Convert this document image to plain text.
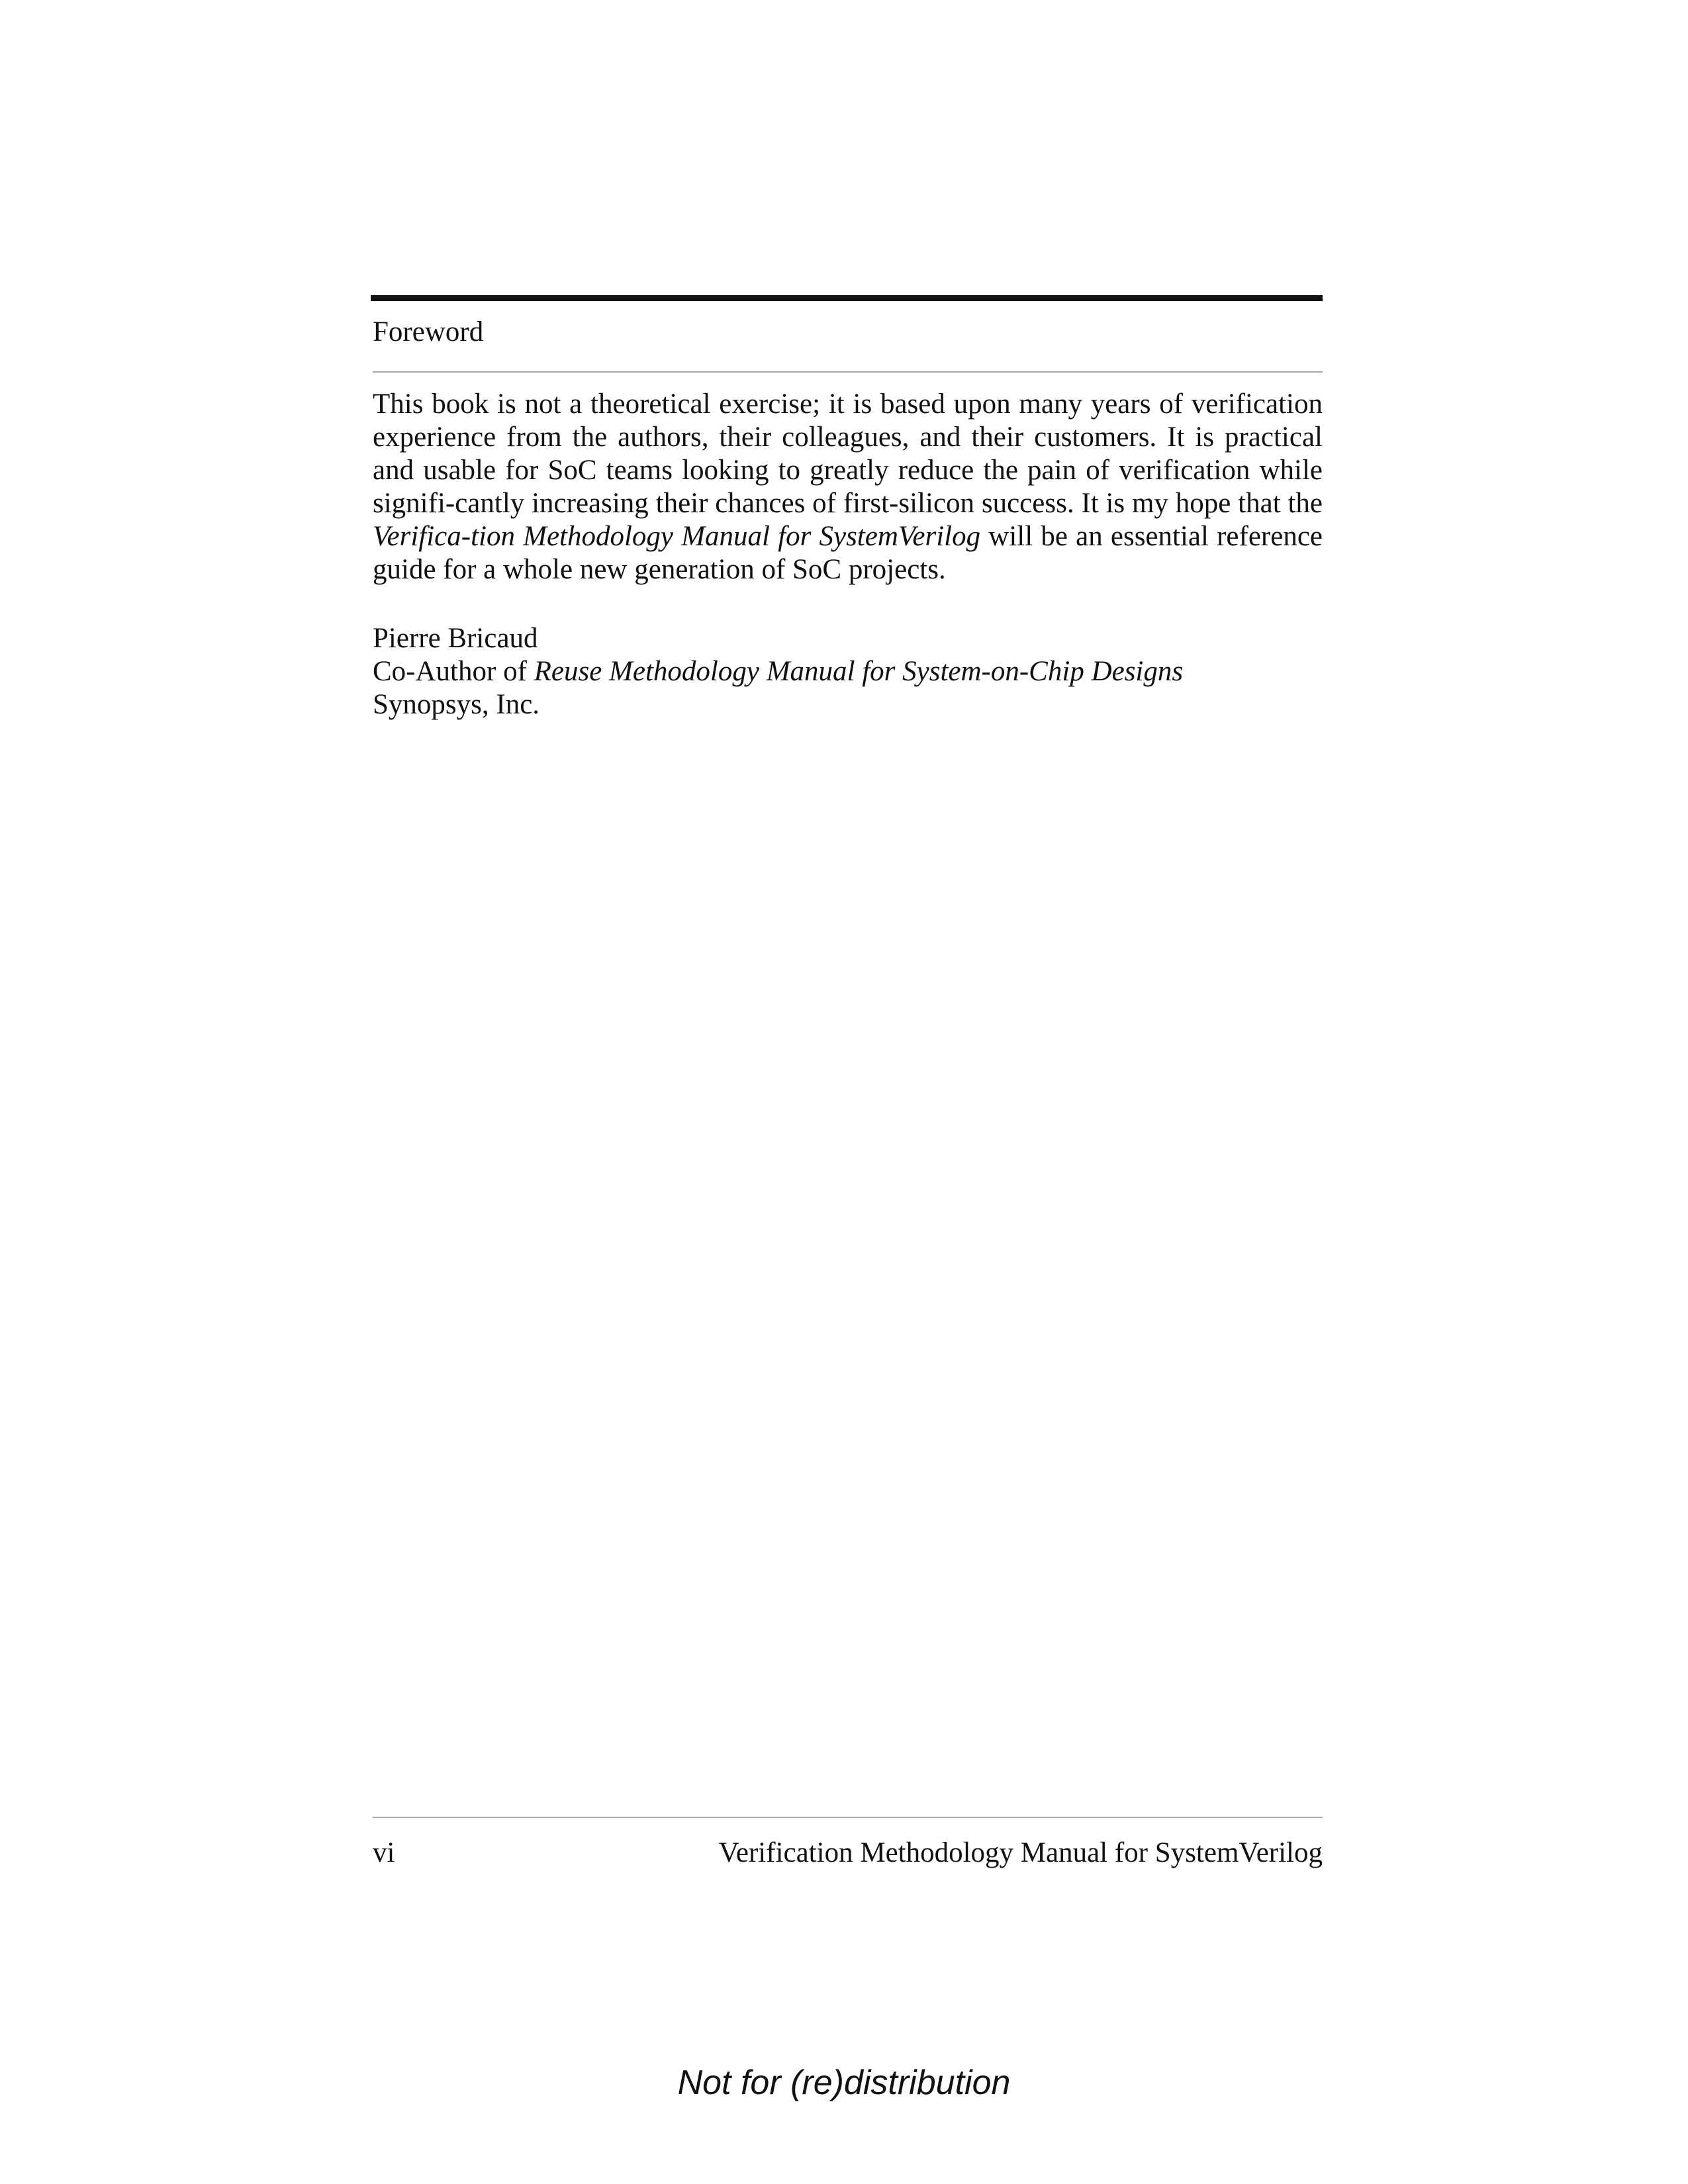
Foreword
This book is not a theoretical exercise; it is based upon many years of verification experience from the authors, their colleagues, and their customers. It is practical and usable for SoC teams looking to greatly reduce the pain of verification while signifi-cantly increasing their chances of first-silicon success. It is my hope that the Verifica-tion Methodology Manual for SystemVerilog will be an essential reference guide for a whole new generation of SoC projects.
Pierre Bricaud
Co-Author of Reuse Methodology Manual for System-on-Chip Designs
Synopsys, Inc.
vi	Verification Methodology Manual for SystemVerilog
Not for (re)distribution
